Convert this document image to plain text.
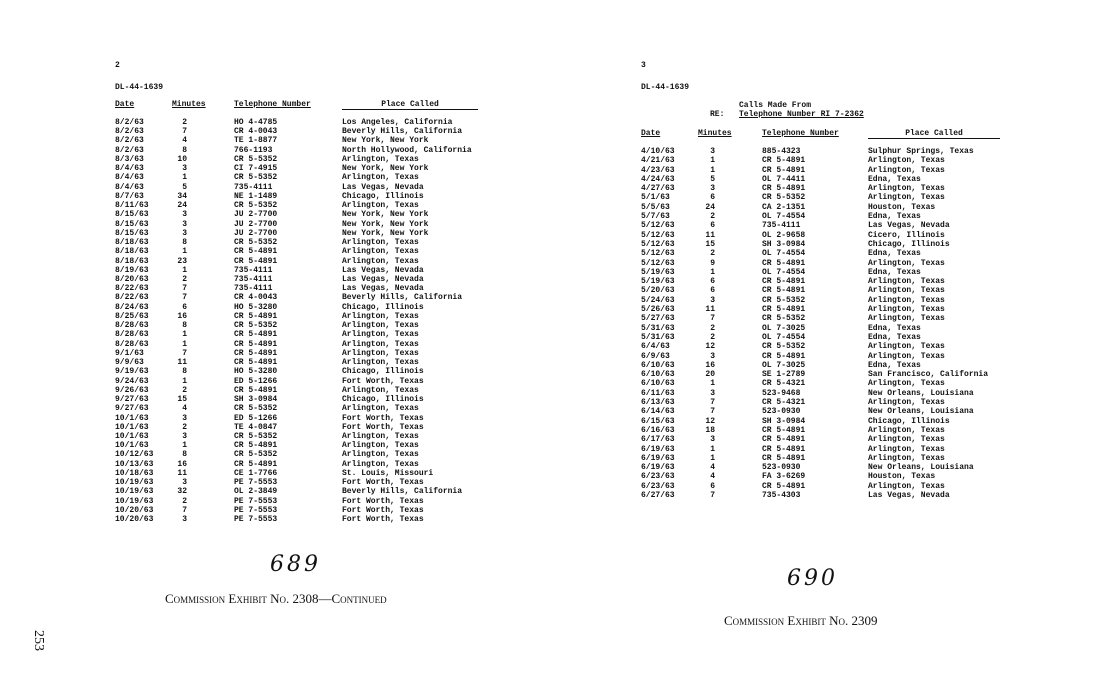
2
DL-44-1639
Date	Minutes	Telephone Number	Place Called
8/2/63	2	HO 4-4785	Los Angeles, California
8/2/63	7	CR 4-0043	Beverly Hills, California
8/2/63	4	TE 1-8877	New York, New York
8/2/63	8	766-1193	North Hollywood, California
8/3/63	10	CR 5-5352	Arlington, Texas
8/4/63	3	CI 7-4915	New York, New York
8/4/63	1	CR 5-5352	Arlington, Texas
8/4/63	5	735-4111	Las Vegas, Nevada
8/7/63	34	NE 1-1489	Chicago, Illinois
8/11/63	24	CR 5-5352	Arlington, Texas
8/15/63	3	JU 2-7700	New York, New York
8/15/63	3	JU 2-7700	New York, New York
8/15/63	3	JU 2-7700	New York, New York
8/18/63	8	CR 5-5352	Arlington, Texas
8/18/63	1	CR 5-4891	Arlington, Texas
8/18/63	23	CR 5-4891	Arlington, Texas
8/19/63	1	735-4111	Las Vegas, Nevada
8/20/63	2	735-4111	Las Vegas, Nevada
8/22/63	7	735-4111	Las Vegas, Nevada
8/22/63	7	CR 4-0043	Beverly Hills, California
8/24/63	6	HO 5-3280	Chicago, Illinois
8/25/63	16	CR 5-4891	Arlington, Texas
8/28/63	8	CR 5-5352	Arlington, Texas
8/28/63	1	CR 5-4891	Arlington, Texas
8/28/63	1	CR 5-4891	Arlington, Texas
9/1/63	7	CR 5-4891	Arlington, Texas
9/9/63	11	CR 5-4891	Arlington, Texas
9/19/63	8	HO 5-3280	Chicago, Illinois
9/24/63	1	ED 5-1266	Fort Worth, Texas
9/26/63	2	CR 5-4891	Arlington, Texas
9/27/63	15	SH 3-0984	Chicago, Illinois
9/27/63	4	CR 5-5352	Arlington, Texas
10/1/63	3	ED 5-1266	Fort Worth, Texas
10/1/63	2	TE 4-0847	Fort Worth, Texas
10/1/63	3	CR 5-5352	Arlington, Texas
10/1/63	1	CR 5-4891	Arlington, Texas
10/12/63	8	CR 5-5352	Arlington, Texas
10/13/63	16	CR 5-4891	Arlington, Texas
10/18/63	11	CE 1-7766	St. Louis, Missouri
10/19/63	3	PE 7-5553	Fort Worth, Texas
10/19/63	32	OL 2-3849	Beverly Hills, California
10/19/63	2	PE 7-5553	Fort Worth, Texas
10/20/63	7	PE 7-5553	Fort Worth, Texas
10/20/63	3	PE 7-5553	Fort Worth, Texas
689
Commission Exhibit No. 2308—Continued
3
DL-44-1639
Calls Made From
RE: Telephone Number RI 7-2362
Date	Minutes	Telephone Number	Place Called
4/10/63	3	885-4323	Sulphur Springs, Texas
4/21/63	1	CR 5-4891	Arlington, Texas
4/23/63	1	CR 5-4891	Arlington, Texas
4/24/63	5	OL 7-4411	Edna, Texas
4/27/63	3	CR 5-4891	Arlington, Texas
5/1/63	6	CR 5-5352	Arlington, Texas
5/5/63	24	CA 2-1351	Houston, Texas
5/7/63	2	OL 7-4554	Edna, Texas
5/12/63	6	735-4111	Las Vegas, Nevada
5/12/63	11	OL 2-9658	Cicero, Illinois
5/12/63	15	SH 3-0984	Chicago, Illinois
5/12/63	2	OL 7-4554	Edna, Texas
5/12/63	9	CR 5-4891	Arlington, Texas
5/19/63	1	OL 7-4554	Edna, Texas
5/19/63	6	CR 5-4891	Arlington, Texas
5/20/63	6	CR 5-4891	Arlington, Texas
5/24/63	3	CR 5-5352	Arlington, Texas
5/26/63	11	CR 5-4891	Arlington, Texas
5/27/63	7	CR 5-5352	Arlington, Texas
5/31/63	2	OL 7-3025	Edna, Texas
5/31/63	2	OL 7-4554	Edna, Texas
6/4/63	12	CR 5-5352	Arlington, Texas
6/9/63	3	CR 5-4891	Arlington, Texas
6/10/63	16	OL 7-3025	Edna, Texas
6/10/63	20	SE 1-2789	San Francisco, California
6/10/63	1	CR 5-4321	Arlington, Texas
6/11/63	3	523-9468	New Orleans, Louisiana
6/13/63	7	CR 5-4321	Arlington, Texas
6/14/63	7	523-0930	New Orleans, Louisiana
6/15/63	12	SH 3-0984	Chicago, Illinois
6/16/63	18	CR 5-4891	Arlington, Texas
6/17/63	3	CR 5-4891	Arlington, Texas
6/19/63	1	CR 5-4891	Arlington, Texas
6/19/63	1	CR 5-4891	Arlington, Texas
6/19/63	4	523-0930	New Orleans, Louisiana
6/23/63	4	FA 3-6269	Houston, Texas
6/23/63	6	CR 5-4891	Arlington, Texas
6/27/63	7	735-4303	Las Vegas, Nevada
690
Commission Exhibit No. 2309
253
